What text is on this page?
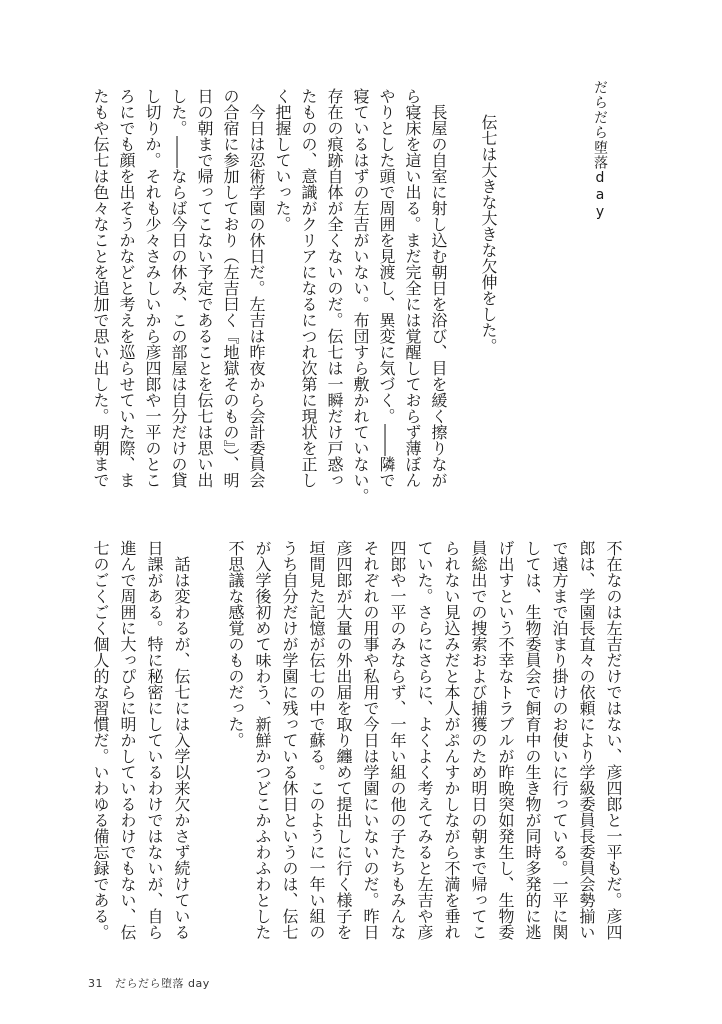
だらだら堕落day
伝七は大きな大きな欠伸をした。
長屋の自室に射し込む朝日を浴び、目を緩く擦りなが
ら寝床を這い出る。まだ完全には覚醒しておらず薄ぼん
やりとした頭で周囲を見渡し、異変に気づく。――隣で
寝ているはずの左吉がいない。布団すら敷かれていない。
存在の痕跡自体が全くないのだ。伝七は一瞬だけ戸惑っ
たものの、意識がクリアになるにつれ次第に現状を正し
く把握していった。
今日は忍術学園の休日だ。左吉は昨夜から会計委員会
の合宿に参加しており（左吉曰く『地獄そのもの』）、明
日の朝まで帰ってこない予定であることを伝七は思い出
した。――ならば今日の休み、この部屋は自分だけの貸
し切りか。それも少々さみしいから彦四郎や一平のとこ
ろにでも顔を出そうかなどと考えを巡らせていた際、ま
たもや伝七は色々なことを追加で思い出した。明朝まで
不在なのは左吉だけではない、彦四郎と一平もだ。彦四
郎は、学園長直々の依頼により学級委員長委員会勢揃い
で遠方まで泊まり掛けのお使いに行っている。一平に関
しては、生物委員会で飼育中の生き物が同時多発的に逃
げ出すという不幸なトラブルが昨晩突如発生し、生物委
員総出での捜索および捕獲のため明日の朝まで帰ってこ
られない見込みだと本人がぷんすかしながら不満を垂れ
ていた。さらにさらに、よくよく考えてみると左吉や彦
四郎や一平のみならず、一年い組の他の子たちもみんな
それぞれの用事や私用で今日は学園にいないのだ。昨日
彦四郎が大量の外出届を取り纏めて提出しに行く様子を
垣間見た記憶が伝七の中で蘇る。このように一年い組の
うち自分だけが学園に残っている休日というのは、伝七
が入学後初めて味わう、新鮮かつどこかふわふわとした
不思議な感覚のものだった。
話は変わるが、伝七には入学以来欠かさず続けている
日課がある。特に秘密にしているわけではないが、自ら
進んで周囲に大っぴらに明かしているわけでもない、伝
七のごくごく個人的な習慣だ。いわゆる備忘録である。
31 だらだら堕落 day
